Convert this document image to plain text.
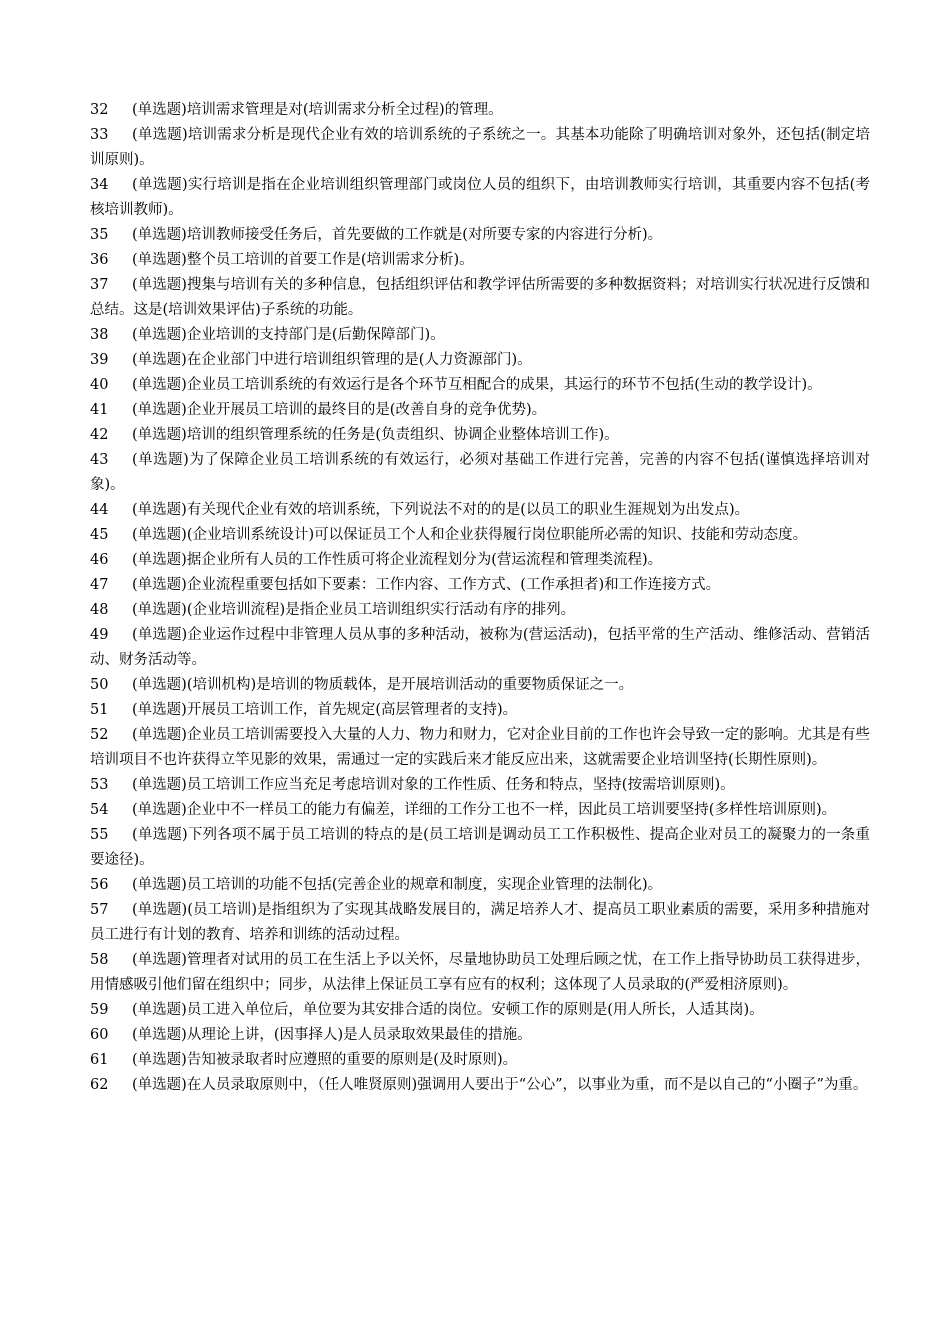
32 (单选题)培训需求管理是对(培训需求分析全过程)的管理。

33 (单选题)培训需求分析是现代企业有效的培训系统的子系统之一。其基本功能除了明确培训对象外，还包括(制定培训原则)。

34 (单选题)实行培训是指在企业培训组织管理部门或岗位人员的组织下，由培训教师实行培训，其重要内容不包括(考核培训教师)。

35 (单选题)培训教师接受任务后，首先要做的工作就是(对所要专家的内容进行分析)。

36 (单选题)整个员工培训的首要工作是(培训需求分析)。

37 (单选题)搜集与培训有关的多种信息，包括组织评估和教学评估所需要的多种数据资料；对培训实行状况进行反馈和总结。这是(培训效果评估)子系统的功能。

38 (单选题)企业培训的支持部门是(后勤保障部门)。

39 (单选题)在企业部门中进行培训组织管理的是(人力资源部门)。

40 (单选题)企业员工培训系统的有效运行是各个环节互相配合的成果，其运行的环节不包括(生动的教学设计)。

41 (单选题)企业开展员工培训的最终目的是(改善自身的竞争优势)。

42 (单选题)培训的组织管理系统的任务是(负责组织、协调企业整体培训工作)。

43 (单选题)为了保障企业员工培训系统的有效运行，必须对基础工作进行完善，完善的内容不包括(谨慎选择培训对象)。

44 (单选题)有关现代企业有效的培训系统，下列说法不对的的是(以员工的职业生涯规划为出发点)。

45 (单选题)(企业培训系统设计)可以保证员工个人和企业获得履行岗位职能所必需的知识、技能和劳动态度。

46 (单选题)据企业所有人员的工作性质可将企业流程划分为(营运流程和管理类流程)。

47 (单选题)企业流程重要包括如下要素：工作内容、工作方式、(工作承担者)和工作连接方式。

48 (单选题)(企业培训流程)是指企业员工培训组织实行活动有序的排列。

49 (单选题)企业运作过程中非管理人员从事的多种活动，被称为(营运活动)，包括平常的生产活动、维修活动、营销活动、财务活动等。

50 (单选题)(培训机构)是培训的物质载体，是开展培训活动的重要物质保证之一。

51 (单选题)开展员工培训工作，首先规定(高层管理者的支持)。

52 (单选题)企业员工培训需要投入大量的人力、物力和财力，它对企业目前的工作也许会导致一定的影响。尤其是有些培训项目不也许获得立竿见影的效果，需通过一定的实践后来才能反应出来，这就需要企业培训坚持(长期性原则)。

53 (单选题)员工培训工作应当充足考虑培训对象的工作性质、任务和特点，坚持(按需培训原则)。

54 (单选题)企业中不一样员工的能力有偏差，详细的工作分工也不一样，因此员工培训要坚持(多样性培训原则)。

55 (单选题)下列各项不属于员工培训的特点的是(员工培训是调动员工工作积极性、提高企业对员工的凝聚力的一条重要途径)。

56 (单选题)员工培训的功能不包括(完善企业的规章和制度，实现企业管理的法制化)。

57 (单选题)(员工培训)是指组织为了实现其战略发展目的，满足培养人才、提高员工职业素质的需要，采用多种措施对员工进行有计划的教育、培养和训练的活动过程。

58 (单选题)管理者对试用的员工在生活上予以关怀，尽量地协助员工处理后顾之忧，在工作上指导协助员工获得进步，用情感吸引他们留在组织中；同步，从法律上保证员工享有应有的权利；这体现了人员录取的(严爱相济原则)。

59 (单选题)员工进入单位后，单位要为其安排合适的岗位。安顿工作的原则是(用人所长，人适其岗)。

60 (单选题)从理论上讲，(因事择人)是人员录取效果最佳的措施。

61 (单选题)告知被录取者时应遵照的重要的原则是(及时原则)。

62 (单选题)在人员录取原则中，（任人唯贤原则)强调用人要出于“公心”，以事业为重，而不是以自己的“小圈子”为重。
